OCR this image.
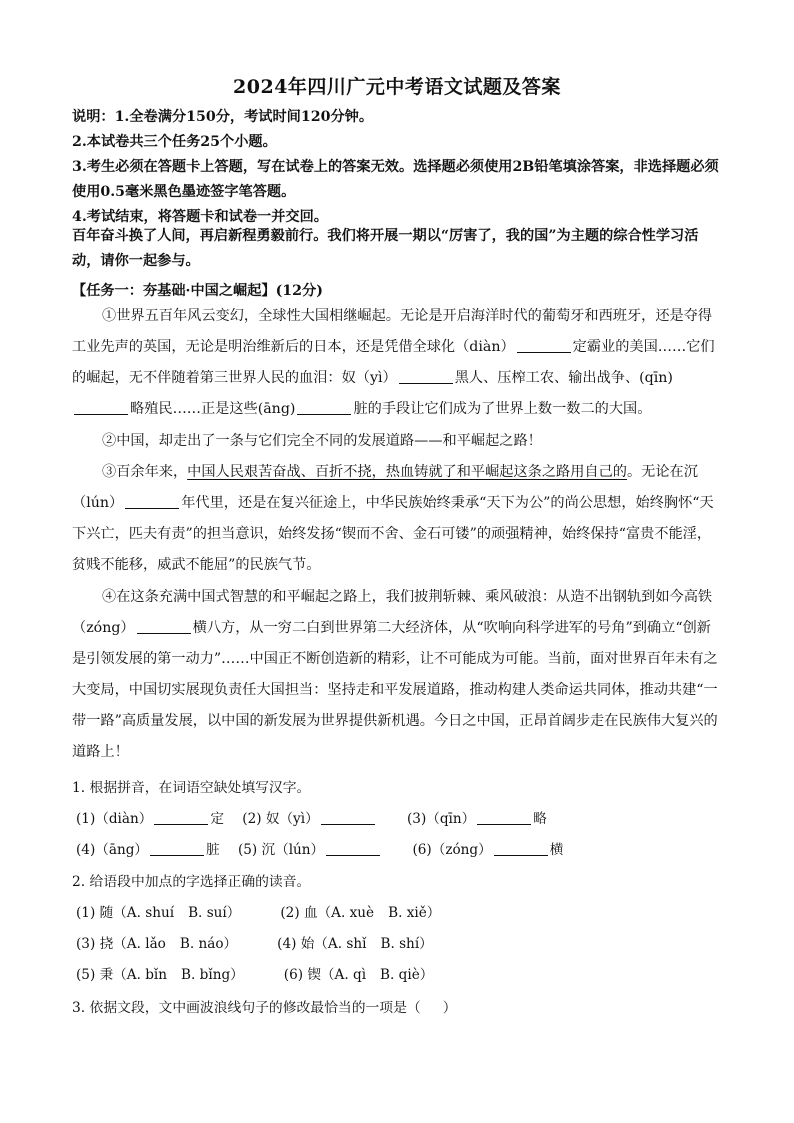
2024年四川广元中考语文试题及答案
说明：1.全卷满分150分，考试时间120分钟。
2.本试卷共三个任务25个小题。
3.考生必须在答题卡上答题，写在试卷上的答案无效。选择题必须使用2B铅笔填涂答案，非选择题必须
使用0.5毫米黑色墨迹签字笔答题。
4.考试结束，将答题卡和试卷一并交回。
百年奋斗换了人间，再启新程勇毅前行。我们将开展一期以“厉害了，我的国”为主题的综合性学习活动，请你一起参与。
【任务一：夯基础·中国之崛起】(12分)
①世界五百年风云变幻，全球性大国相继崛起。无论是开启海洋时代的葡萄牙和西班牙，还是夺得工业先声的英国，无论是明治维新后的日本，还是凭借全球化（diàn）	定霸业的美国……它们的崛起，无不伴随着第三世界人民的血泪：奴（yì）	黑人、压榨工农、输出战争、(qīn)略殖民……正是这些(āng)	脏的手段让它们成为了世界上数一数二的大国。
②中国，却走出了一条与它们完全不同的发展道路——和平崛起之路！
③百余年来，中国人民艰苦奋战、百折不挠，热血铸就了和平崛起这条之路用自己的。无论在沉（lún）	年代里，还是在复兴征途上，中华民族始终秉承“天下为公”的尚公思想，始终胸怀“天下兴亡，匹夫有责”的担当意识，始终发扬“锲而不舍、金石可镂”的顽强精神，始终保持“富贵不能淫，贫贱不能移，威武不能屈”的民族气节。
④在这条充满中国式智慧的和平崛起之路上，我们披荆斩棘、乘风破浪：从造不出钢轨到如今高铁（zóng）	横八方，从一穷二白到世界第二大经济体，从“吹响向科学进军的号角”到确立“创新是引领发展的第一动力”……中国正不断创造新的精彩，让不可能成为可能。当前，面对世界百年未有之大变局，中国切实展现负责任大国担当：坚持走和平发展道路，推动构建人类命运共同体，推动共建“一带一路”高质量发展，以中国的新发展为世界提供新机遇。今日之中国，正昂首阔步走在民族伟大复兴的道路上！
1. 根据拼音，在词语空缺处填写汉字。
(1)（diàn）	定 (2) 奴（yì）	(3)（qīn）	略
(4)（āng）	脏 (5) 沉（lún）	(6)（zóng）	横
2. 给语段中加点的字选择正确的读音。
(1) 随（A. shuí B. suí）	(2) 血（A. xuè B. xiě）
(3) 挠（A. lǎo B. náo）	(4) 始（A. shǐ B. shí）
(5) 秉（A. bǐn B. bǐng）	(6) 锲（A. qì B. qiè）
3. 依据文段，文中画波浪线句子的修改最恰当的一项是（ ）
